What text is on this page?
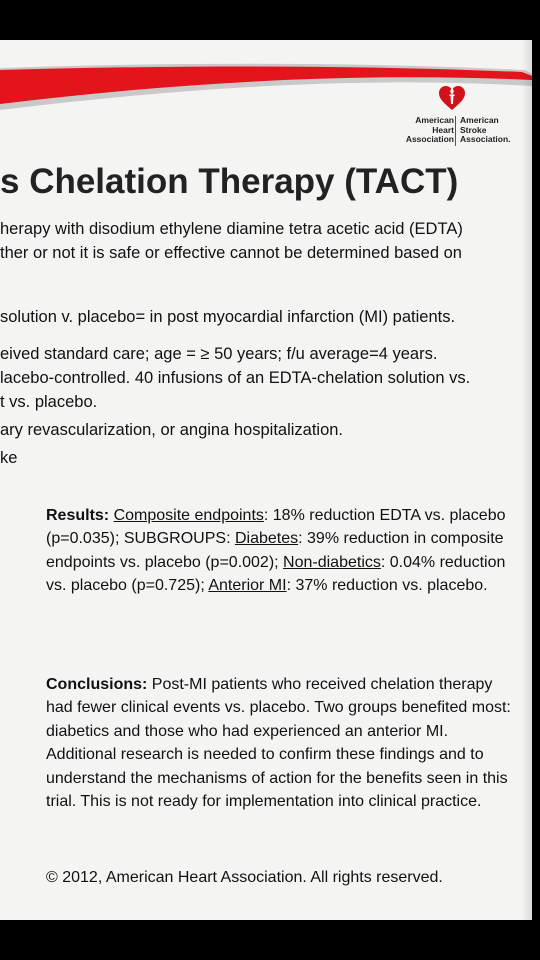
American
Heart
Association
American
Stroke
Association.
s Chelation Therapy (TACT)

herapy with disodium ethylene diamine tetra acetic acid (EDTA)

ther or not it is safe or effective cannot be determined based on

solution v. placebo= in post myocardial infarction (MI) patients.

eived standard care; age = ≥ 50 years; f/u average=4 years.

lacebo-controlled. 40 infusions of an EDTA-chelation solution vs.

t vs. placebo.

ary revascularization, or angina hospitalization.

ke

Results: Composite endpoints: 18% reduction EDTA vs. placebo (p=0.035); SUBGROUPS: Diabetes: 39% reduction in composite endpoints vs. placebo (p=0.002); Non-diabetics: 0.04% reduction vs. placebo (p=0.725); Anterior MI: 37% reduction vs. placebo.

Conclusions: Post-MI patients who received chelation therapy had fewer clinical events vs. placebo. Two groups benefited most: diabetics and those who had experienced an anterior MI. Additional research is needed to confirm these findings and to understand the mechanisms of action for the benefits seen in this trial. This is not ready for implementation into clinical practice.

© 2012, American Heart Association. All rights reserved.
